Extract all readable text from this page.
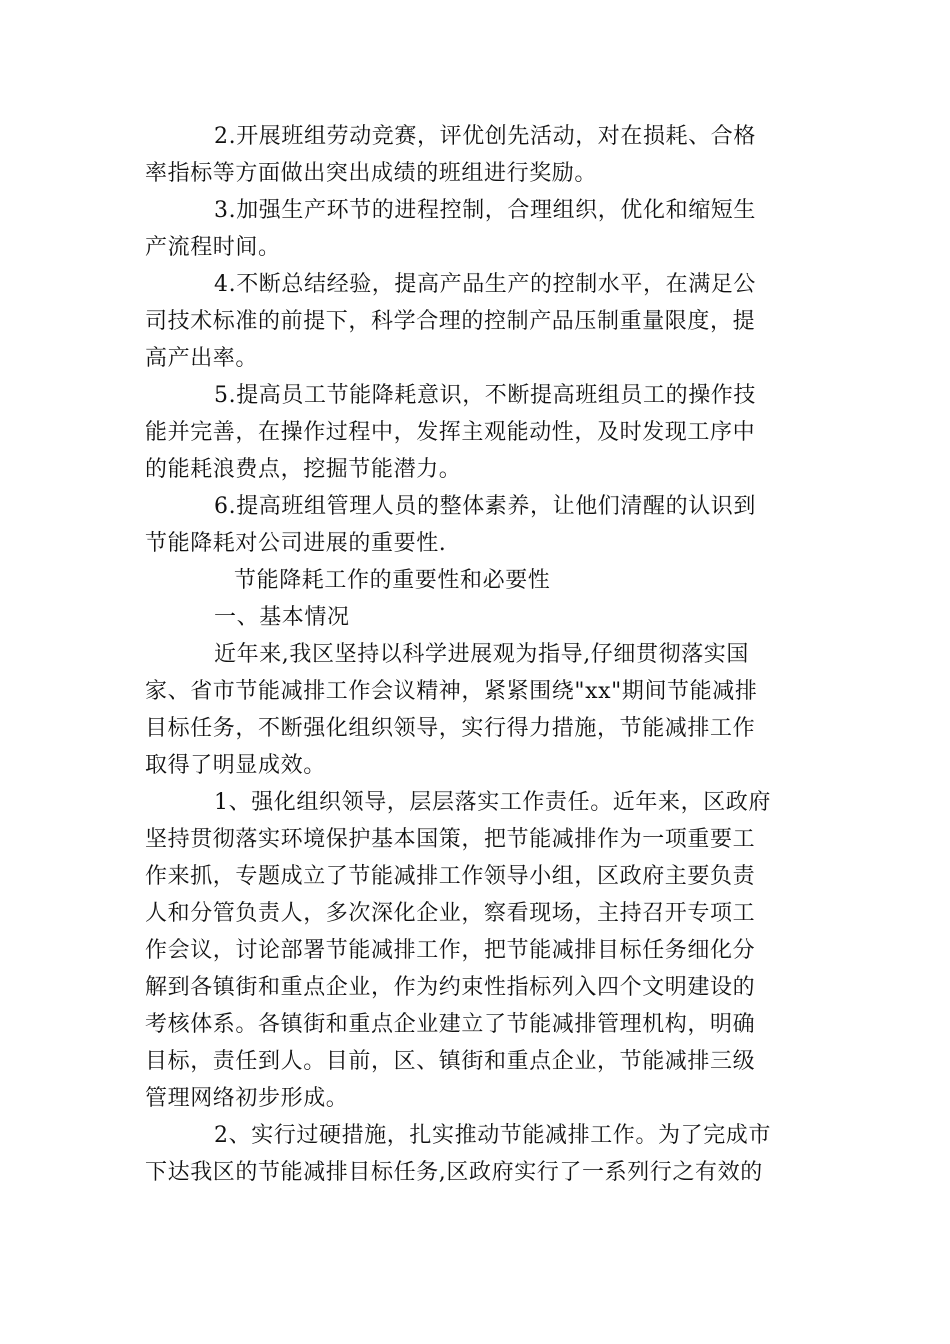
2.开展班组劳动竞赛，评优创先活动，对在损耗、合格
率指标等方面做出突出成绩的班组进行奖励。
3.加强生产环节的进程控制，合理组织，优化和缩短生
产流程时间。
4.不断总结经验，提高产品生产的控制水平，在满足公
司技术标准的前提下，科学合理的控制产品压制重量限度，提
高产出率。
5.提高员工节能降耗意识，不断提高班组员工的操作技
能并完善，在操作过程中，发挥主观能动性，及时发现工序中
的能耗浪费点，挖掘节能潜力。
6.提高班组管理人员的整体素养，让他们清醒的认识到
节能降耗对公司进展的重要性.
节能降耗工作的重要性和必要性
一、基本情况
近年来,我区坚持以科学进展观为指导,仔细贯彻落实国
家、省市节能减排工作会议精神，紧紧围绕"xx"期间节能减排
目标任务，不断强化组织领导，实行得力措施，节能减排工作
取得了明显成效。
1、强化组织领导，层层落实工作责任。近年来，区政府
坚持贯彻落实环境保护基本国策，把节能减排作为一项重要工
作来抓，专题成立了节能减排工作领导小组，区政府主要负责
人和分管负责人，多次深化企业，察看现场，主持召开专项工
作会议，讨论部署节能减排工作，把节能减排目标任务细化分
解到各镇街和重点企业，作为约束性指标列入四个文明建设的
考核体系。各镇街和重点企业建立了节能减排管理机构，明确
目标，责任到人。目前，区、镇街和重点企业，节能减排三级
管理网络初步形成。
2、实行过硬措施，扎实推动节能减排工作。为了完成市
下达我区的节能减排目标任务,区政府实行了一系列行之有效的
